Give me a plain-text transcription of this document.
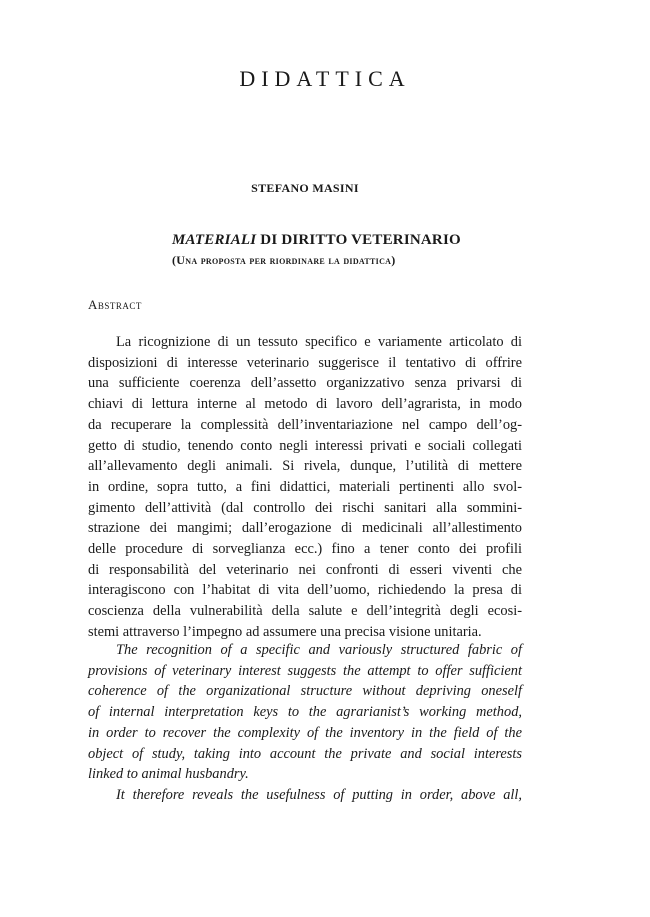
DIDATTICA
STEFANO MASINI
MATERIALI DI DIRITTO VETERINARIO
(Una proposta per riordinare la didattica)
Abstract
La ricognizione di un tessuto specifico e variamente articolato di
disposizioni di interesse veterinario suggerisce il tentativo di offrire
una sufficiente coerenza dell’assetto organizzativo senza privarsi di
chiavi di lettura interne al metodo di lavoro dell’agrarista, in modo
da recuperare la complessità dell’inventariazione nel campo dell’og-
getto di studio, tenendo conto negli interessi privati e sociali collegati
all’allevamento degli animali. Si rivela, dunque, l’utilità di mettere
in ordine, sopra tutto, a fini didattici, materiali pertinenti allo svol-
gimento dell’attività (dal controllo dei rischi sanitari alla sommini-
strazione dei mangimi; dall’erogazione di medicinali all’allestimento
delle procedure di sorveglianza ecc.) fino a tener conto dei profili
di responsabilità del veterinario nei confronti di esseri viventi che
interagiscono con l’habitat di vita dell’uomo, richiedendo la presa di
coscienza della vulnerabilità della salute e dell’integrità degli ecosi-
stemi attraverso l’impegno ad assumere una precisa visione unitaria.
The recognition of a specific and variously structured fabric of
provisions of veterinary interest suggests the attempt to offer sufficient
coherence of the organizational structure without depriving oneself
of internal interpretation keys to the agrarianist’s working method,
in order to recover the complexity of the inventory in the field of the
object of study, taking into account the private and social interests
linked to animal husbandry.
It therefore reveals the usefulness of putting in order, above all,
